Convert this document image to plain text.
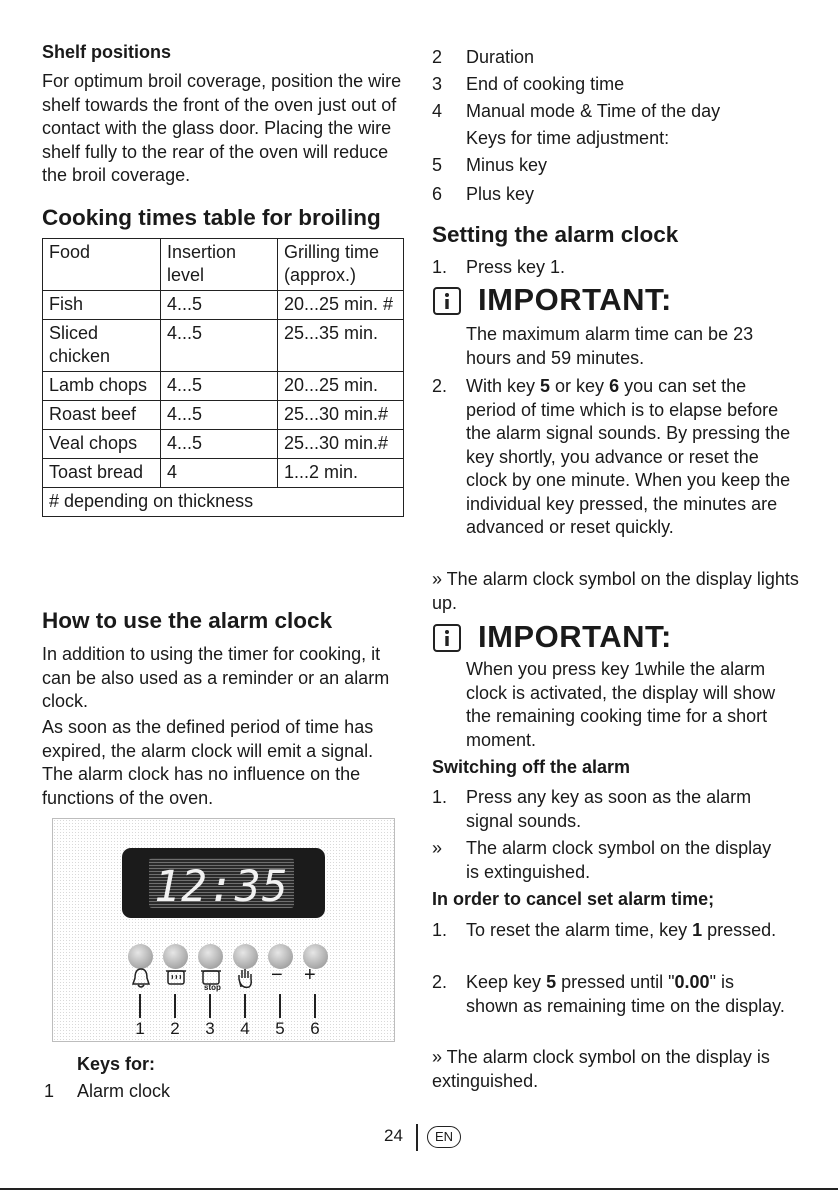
Shelf positions
For optimum broil coverage, position the wire shelf towards the front of the oven just out of contact with the glass door. Placing the wire shelf fully to the rear of the oven will reduce the broil coverage.
Cooking times table for broiling
Food	Insertion level	Grilling time (approx.)
Fish	4...5	20...25 min. #
Sliced chicken	4...5	25...35 min.
Lamb chops	4...5	20...25 min.
Roast beef	4...5	25...30 min.#
Veal chops	4...5	25...30 min.#
Toast bread	4	1...2 min.
# depending on thickness		
How to use the alarm clock
In addition to using the timer for cooking, it can be also used as a reminder or an alarm clock.
As soon as the defined period of time has expired, the alarm clock will emit a signal. The alarm clock has no influence on the functions of the oven.
12:35
stop
− +
1 2 3 4 5 6
Keys for:
1 Alarm clock
2 Duration
3 End of cooking time
4 Manual mode & Time of the day
Keys for time adjustment:
5 Minus key
6 Plus key
Setting the alarm clock
1. Press key 1.
IMPORTANT:
The maximum alarm time can be 23 hours and 59 minutes.
2. With key 5 or key 6 you can set the period of time which is to elapse before the alarm signal sounds. By pressing the key shortly, you advance or reset the clock by one minute. When you keep the individual key pressed, the minutes are advanced or reset quickly.
» The alarm clock symbol on the display lights up.
IMPORTANT:
When you press key 1while the alarm clock is activated, the display will show the remaining cooking time for a short moment.
Switching off the alarm
1. Press any key as soon as the alarm signal sounds.
» The alarm clock symbol on the display is extinguished.
In order to cancel set alarm time;
1. To reset the alarm time, key 1 pressed.
2. Keep key 5 pressed until "0.00" is shown as remaining time on the display.
» The alarm clock symbol on the display is extinguished.
24	EN
